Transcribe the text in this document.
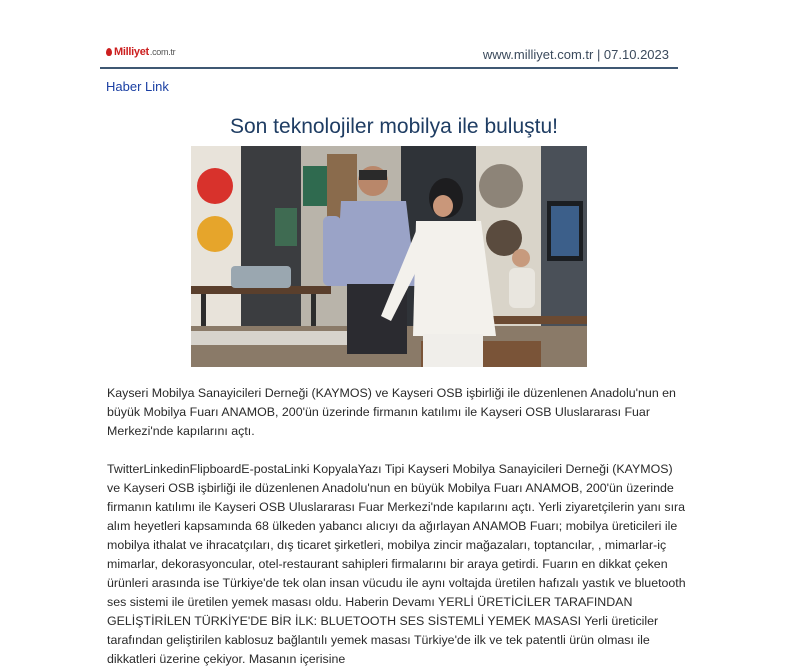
Milliyet .com.tr	www.milliyet.com.tr | 07.10.2023
Haber Link
Son teknolojiler mobilya ile buluştu!

Kayseri Mobilya Sanayicileri Derneği (KAYMOS) ve Kayseri OSB işbirliği ile düzenlenen Anadolu'nun en büyük Mobilya Fuarı ANAMOB, 200'ün üzerinde firmanın katılımı ile Kayseri OSB Uluslararası Fuar Merkezi'nde kapılarını açtı.

TwitterLinkedinFlipboardE-postaLinki KopyalaYazı Tipi Kayseri Mobilya Sanayicileri Derneği (KAYMOS) ve Kayseri OSB işbirliği ile düzenlenen Anadolu'nun en büyük Mobilya Fuarı ANAMOB, 200'ün üzerinde firmanın katılımı ile Kayseri OSB Uluslararası Fuar Merkezi'nde kapılarını açtı. Yerli ziyaretçilerin yanı sıra alım heyetleri kapsamında 68 ülkeden yabancı alıcıyı da ağırlayan ANAMOB Fuarı; mobilya üreticileri ile mobilya ithalat ve ihracatçıları, dış ticaret şirketleri, mobilya zincir mağazaları, toptancılar, , mimarlar-iç mimarlar, dekorasyoncular, otel-restaurant sahipleri firmalarını bir araya getirdi. Fuarın en dikkat çeken ürünleri arasında ise Türkiye'de tek olan insan vücudu ile aynı voltajda üretilen hafızalı yastık ve bluetooth ses sistemi ile üretilen yemek masası oldu. Haberin Devamı YERLİ ÜRETİCİLER TARAFINDAN GELİŞTİRİLEN TÜRKİYE'DE BİR İLK: BLUETOOTH SES SİSTEMLİ YEMEK MASASI Yerli üreticiler tarafından geliştirilen kablosuz bağlantılı yemek masası Türkiye'de ilk ve tek patentli ürün olması ile dikkatleri üzerine çekiyor. Masanın içerisine
